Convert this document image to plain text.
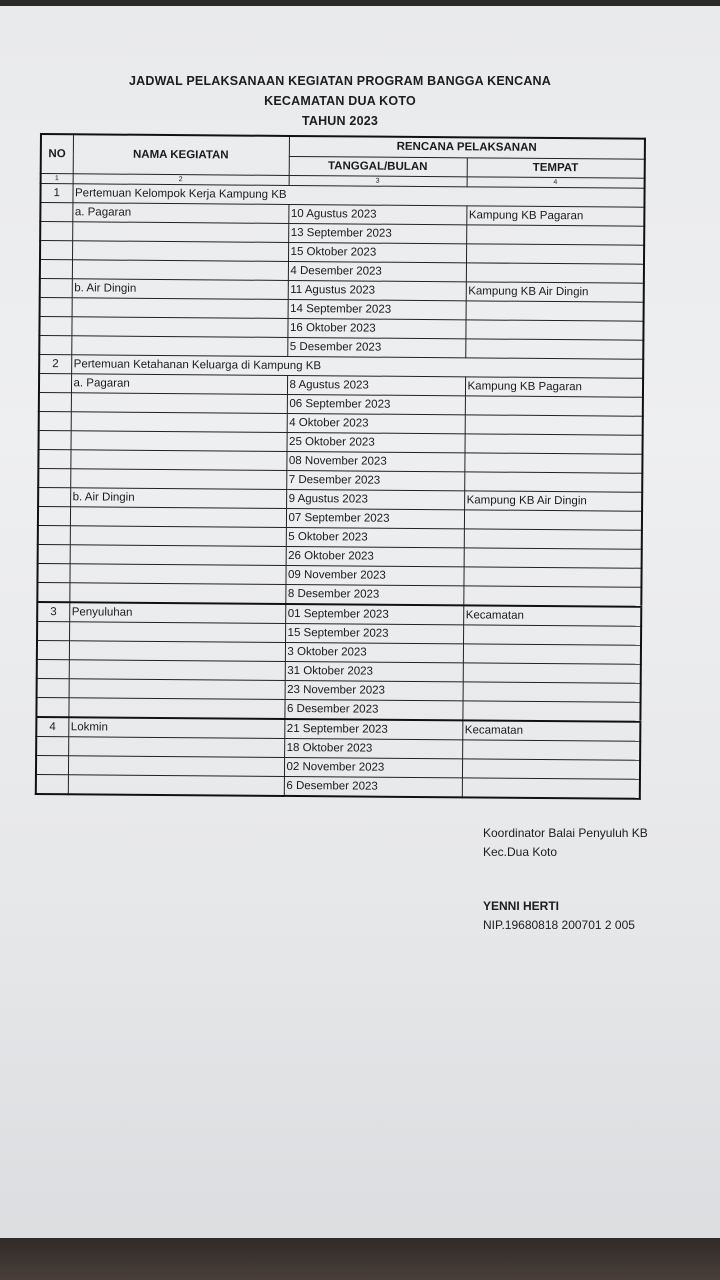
JADWAL PELAKSANAAN KEGIATAN PROGRAM BANGGA KENCANA
KECAMATAN DUA KOTO
TAHUN 2023
NO	NAMA KEGIATAN	RENCANA PELAKSANAN	
		TANGGAL/BULAN	TEMPAT
1	2	3	4
1	Pertemuan Kelompok Kerja Kampung KB		
	a. Pagaran	10 Agustus 2023	Kampung KB Pagaran
		13 September 2023	
		15 Oktober 2023	
		4 Desember 2023	
	b. Air Dingin	11 Agustus 2023	Kampung KB Air Dingin
		14 September 2023	
		16 Oktober 2023	
		5 Desember 2023	
2	Pertemuan Ketahanan Keluarga di Kampung KB		
	a. Pagaran	8 Agustus 2023	Kampung KB Pagaran
		06 September 2023	
		4 Oktober 2023	
		25 Oktober 2023	
		08 November 2023	
		7 Desember 2023	
	b. Air Dingin	9 Agustus 2023	Kampung KB Air Dingin
		07 September 2023	
		5 Oktober 2023	
		26 Oktober 2023	
		09 November 2023	
		8 Desember 2023	
3	Penyuluhan	01 September 2023	Kecamatan
		15 September 2023	
		3 Oktober 2023	
		31 Oktober 2023	
		23 November 2023	
		6 Desember 2023	
4	Lokmin	21 September 2023	Kecamatan
		18 Oktober 2023	
		02 November 2023	
		6 Desember 2023	
Koordinator Balai Penyuluh KB
Kec.Dua Koto
YENNI HERTI
NIP.19680818 200701 2 005
